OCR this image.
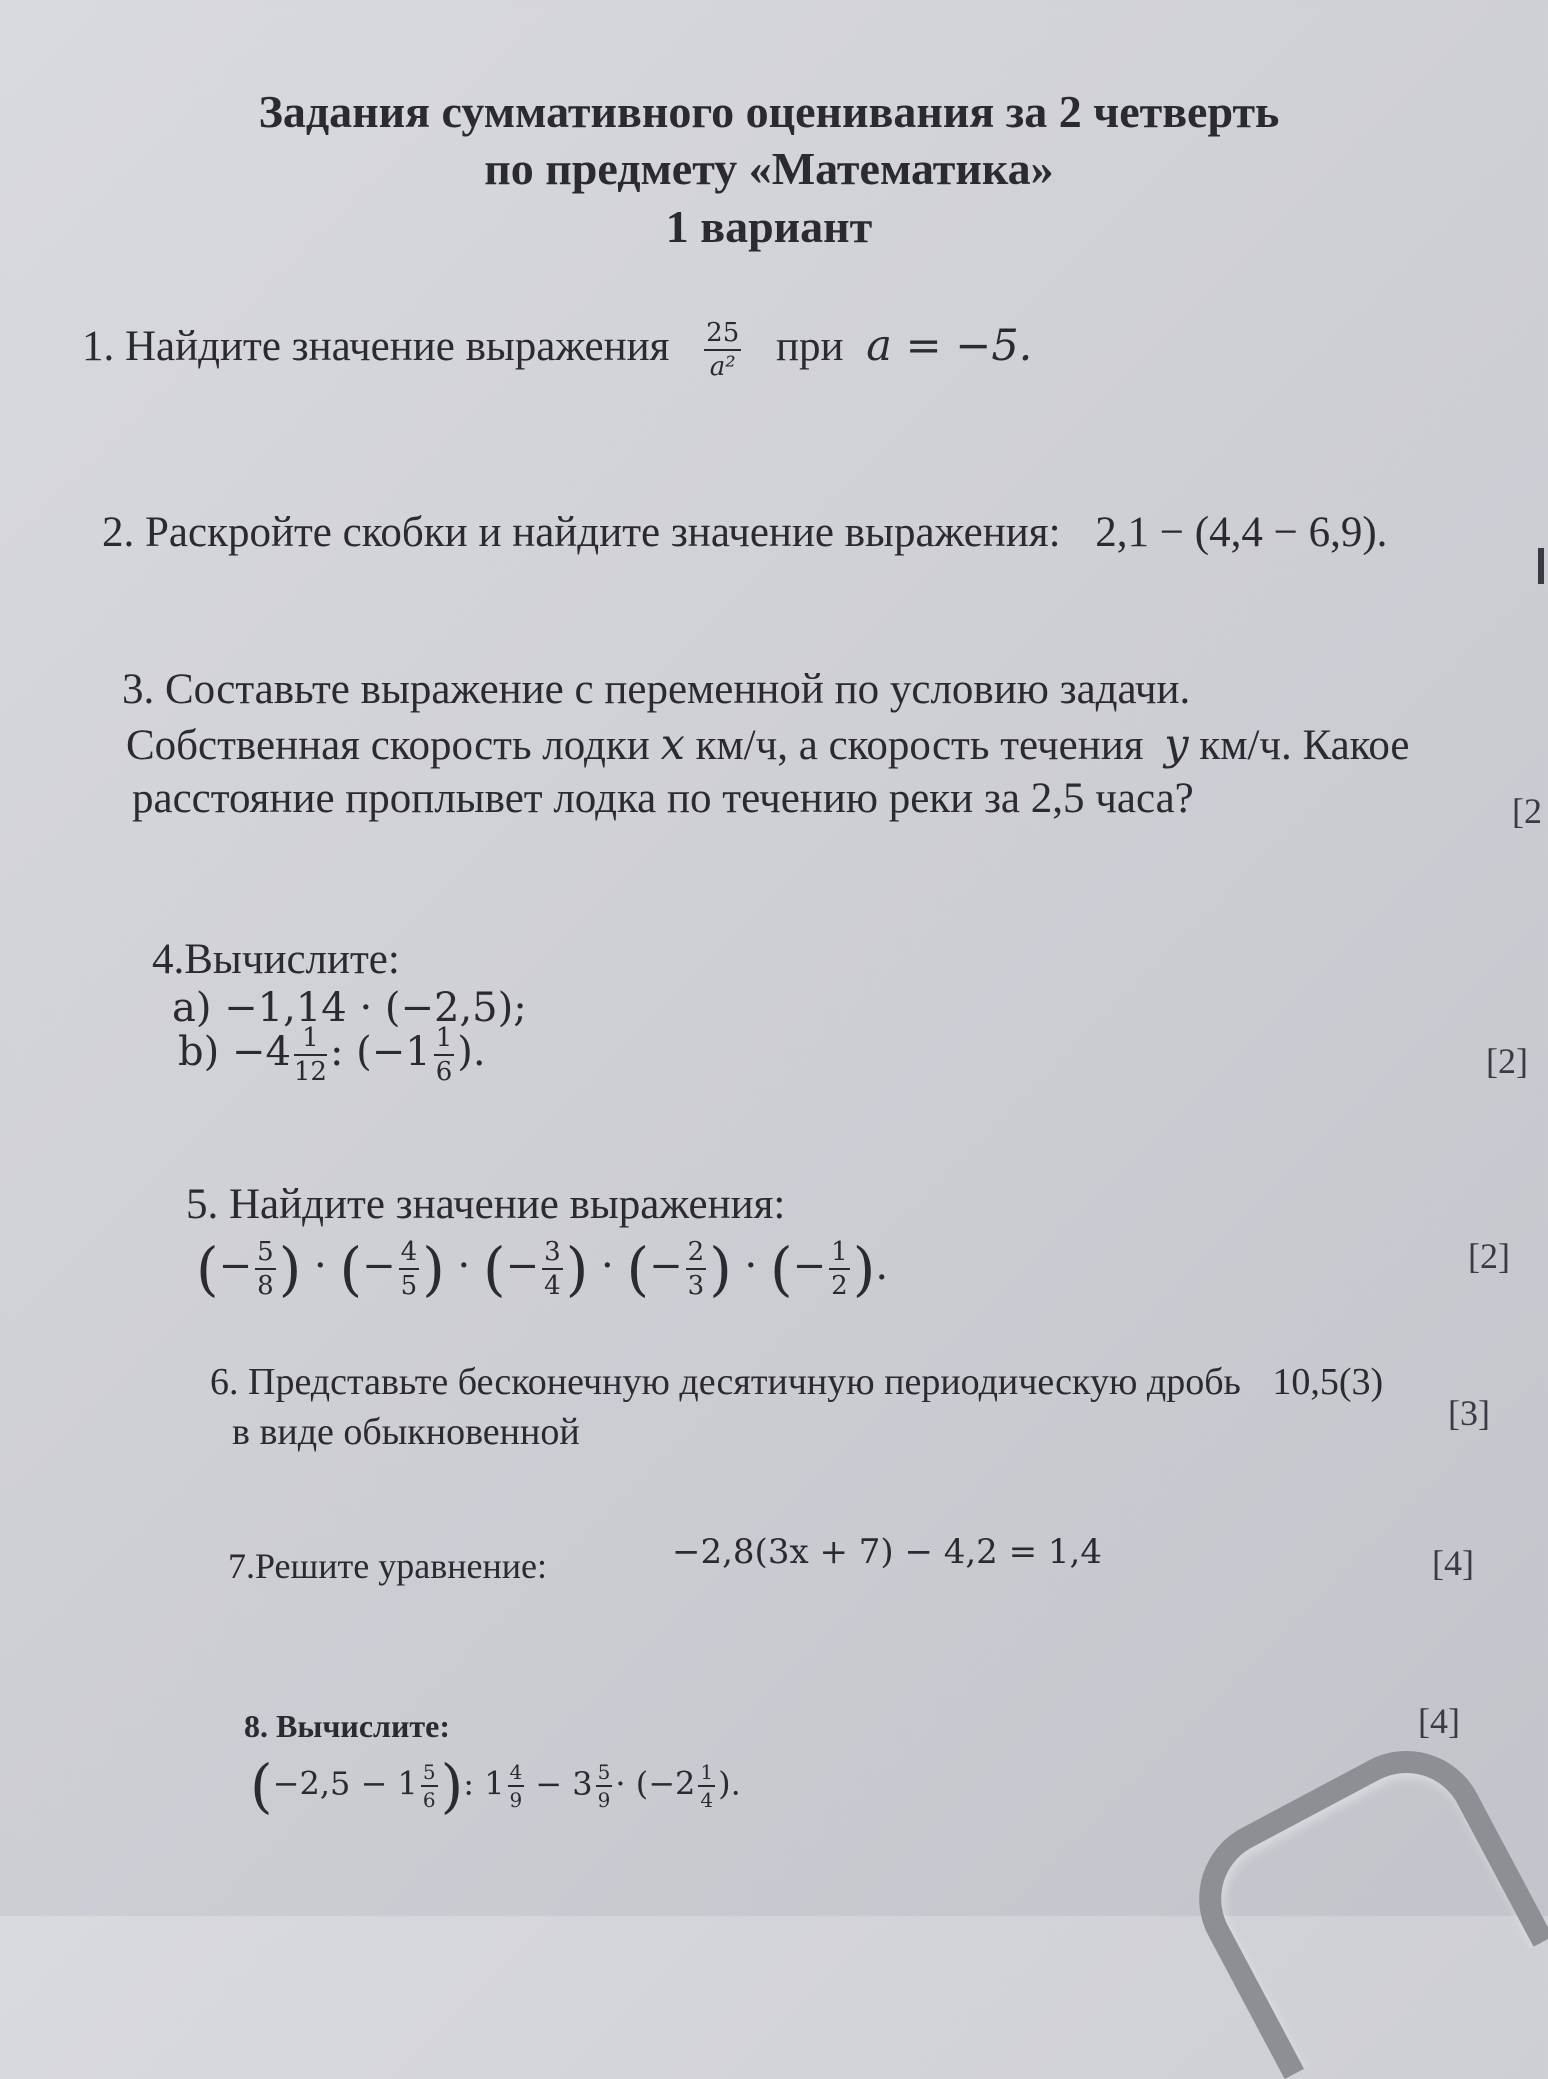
Задания суммативного оценивания за 2 четверть
по предмету «Математика»
1 вариант
1. Найдите значение выражения $\frac{25}{\text{a²}}$ при a = −5.
2. Раскройте скобки и найдите значение выражения: 2,1 − (4,4 − 6,9).
3. Составьте выражение с переменной по условию задачи.
Собственная скорость лодки x км/ч, а скорость течения y км/ч. Какое
расстояние проплывет лодка по течению реки за 2,5 часа?	[2
4.Вычислите:
a) −1,14 · (−2,5);
$b) -4 \frac{1}{12}$ : ($-1 \frac{1}{6}$ ).	[2]
5. Найдите значение выражения:
(− $\frac{5}{8}$ ) · (− $\frac{4}{5}$ ) · (− $\frac{3}{4}$ ) · (− $\frac{2}{3}$ ) · (− $\frac{1}{2}$ ).	[2]
6. Представьте бесконечную десятичную периодическую дробь 10,5(3)
в виде обыкновенной	[3]
7.Решите уравнение:	−2,8(3x + 7) − 4,2 = 1,4	[4]
8. Вычислите:
($-2,5 - 1 \frac{5}{6}$ ): $1 \frac{4}{9} - 3 \frac{5}{9} \cdot (-2 \frac{1}{4}$ ).
[4]
